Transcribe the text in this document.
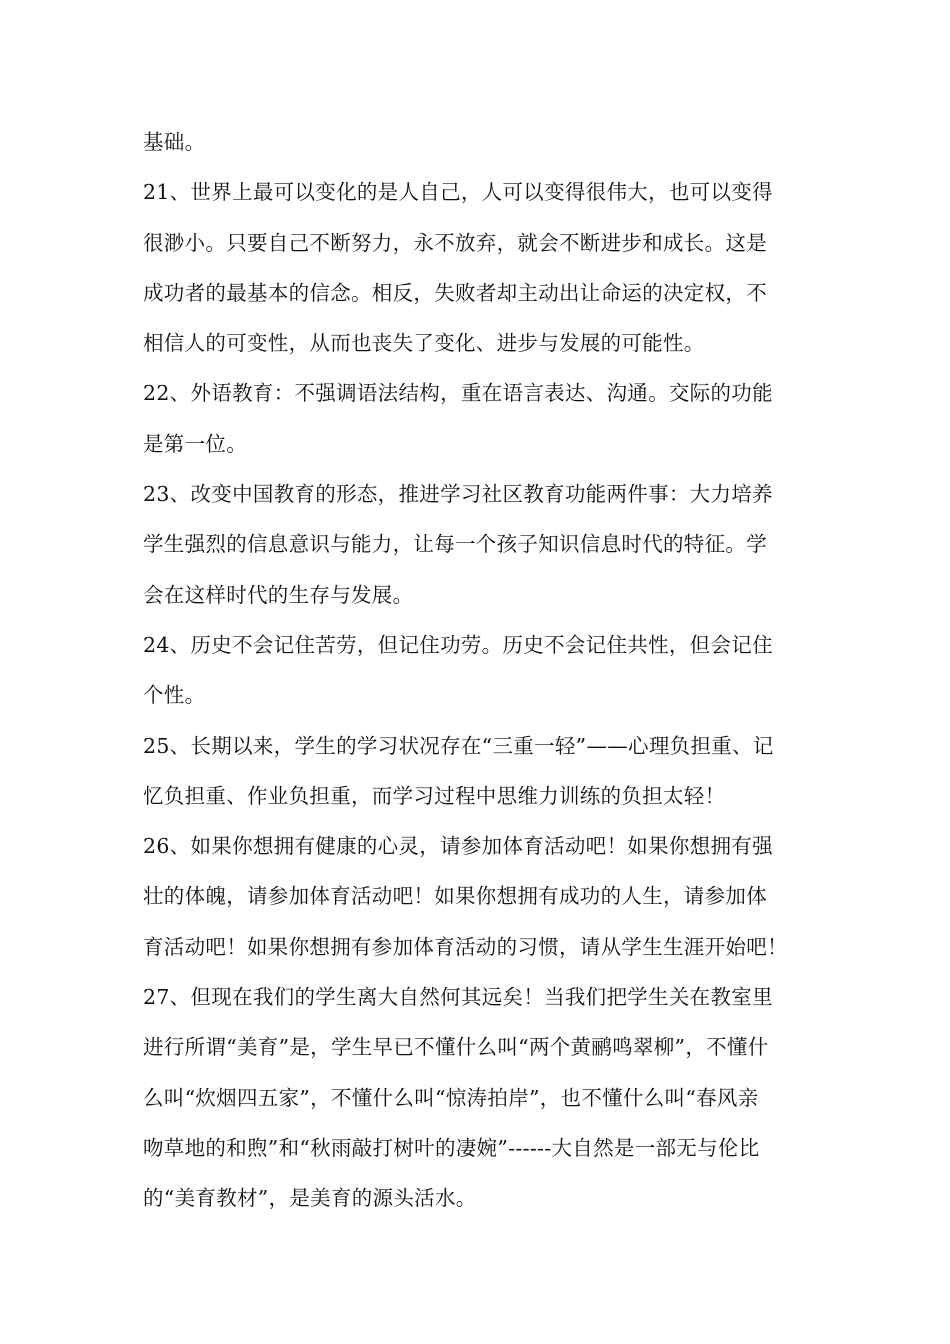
基础。
21、世界上最可以变化的是人自己，人可以变得很伟大，也可以变得
很渺小。只要自己不断努力，永不放弃，就会不断进步和成长。这是
成功者的最基本的信念。相反，失败者却主动出让命运的决定权，不
相信人的可变性，从而也丧失了变化、进步与发展的可能性。
22、外语教育：不强调语法结构，重在语言表达、沟通。交际的功能
是第一位。
23、改变中国教育的形态，推进学习社区教育功能两件事：大力培养
学生强烈的信息意识与能力，让每一个孩子知识信息时代的特征。学
会在这样时代的生存与发展。
24、历史不会记住苦劳，但记住功劳。历史不会记住共性，但会记住
个性。
25、长期以来，学生的学习状况存在“三重一轻”——心理负担重、记
忆负担重、作业负担重，而学习过程中思维力训练的负担太轻！
26、如果你想拥有健康的心灵，请参加体育活动吧！如果你想拥有强
壮的体魄，请参加体育活动吧！如果你想拥有成功的人生，请参加体
育活动吧！如果你想拥有参加体育活动的习惯，请从学生生涯开始吧！
27、但现在我们的学生离大自然何其远矣！当我们把学生关在教室里
进行所谓“美育”是，学生早已不懂什么叫“两个黄鹂鸣翠柳”，不懂什
么叫“炊烟四五家”，不懂什么叫“惊涛拍岸”，也不懂什么叫“春风亲
吻草地的和煦”和“秋雨敲打树叶的凄婉”------大自然是一部无与伦比
的“美育教材”，是美育的源头活水。
